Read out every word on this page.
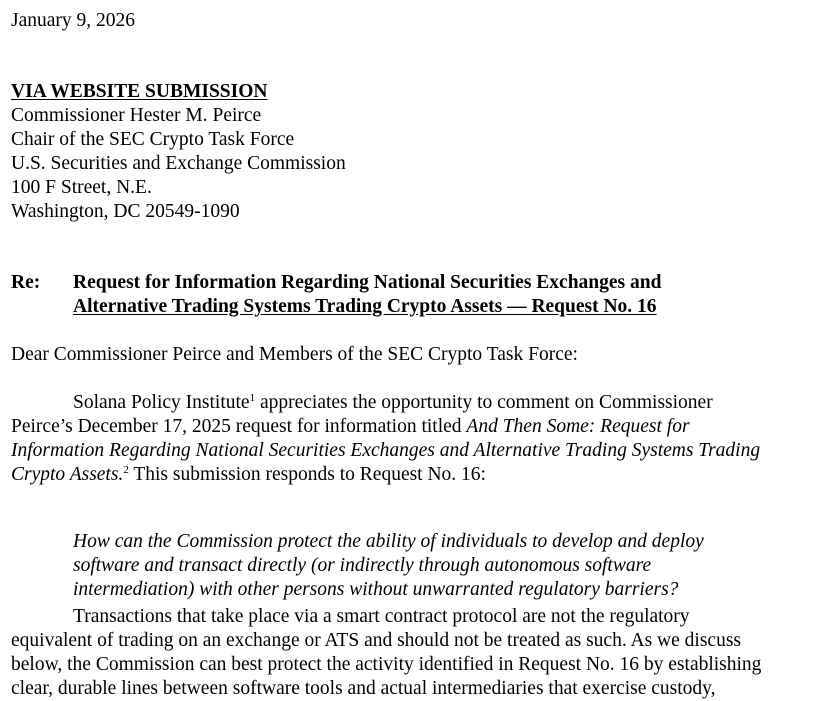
January 9, 2026

VIA WEBSITE SUBMISSION

Commissioner Hester M. Peirce

Chair of the SEC Crypto Task Force

U.S. Securities and Exchange Commission

100 F Street, N.E.

Washington, DC 20549-1090

Re: Request for Information Regarding National Securities Exchanges and
Alternative Trading Systems Trading Crypto Assets — Request No. 16

Dear Commissioner Peirce and Members of the SEC Crypto Task Force:

Solana Policy Institute$^1$ appreciates the opportunity to comment on Commissioner

Peirce’s December 17, 2025 request for information titled And Then Some: Request for

Information Regarding National Securities Exchanges and Alternative Trading Systems Trading

Crypto Assets.$^2$ This submission responds to Request No. 16:

How can the Commission protect the ability of individuals to develop and deploy

software and transact directly (or indirectly through autonomous software

intermediation) with other persons without unwarranted regulatory barriers?

Transactions that take place via a smart contract protocol are not the regulatory

equivalent of trading on an exchange or ATS and should not be treated as such. As we discuss

below, the Commission can best protect the activity identified in Request No. 16 by establishing

clear, durable lines between software tools and actual intermediaries that exercise custody,
